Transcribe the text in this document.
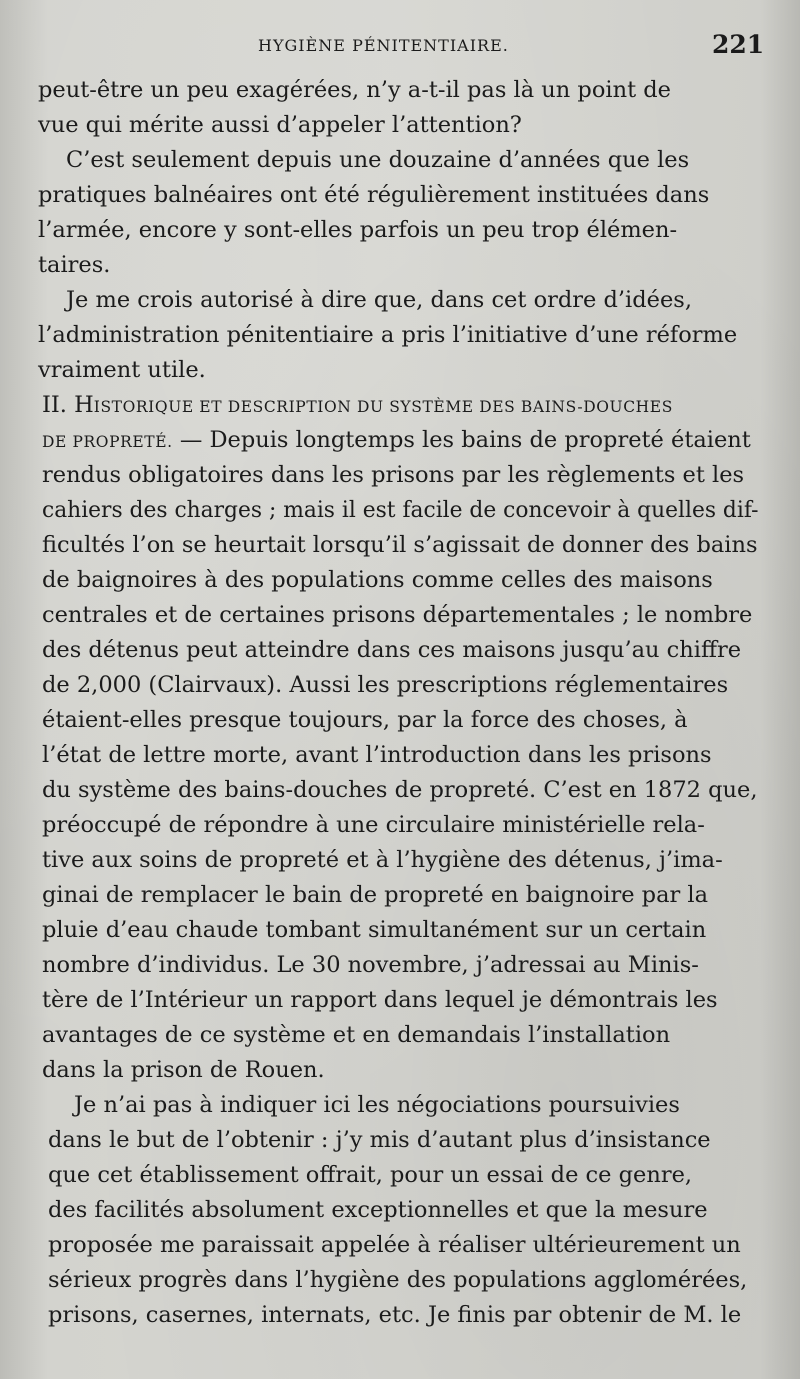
HYGIÈNE PÉNITENTIAIRE.	221
peut-être un peu exagérées, n’y a-t-il pas là un point de
vue qui mérite aussi d’appeler l’attention?
C’est seulement depuis une douzaine d’années que les
pratiques balnéaires ont été régulièrement instituées dans
l’armée, encore y sont-elles parfois un peu trop élémen-
taires.
Je me crois autorisé à dire que, dans cet ordre d’idées,
l’administration pénitentiaire a pris l’initiative d’une réforme
vraiment utile.
II. HISTORIQUE ET DESCRIPTION DU SYSTÈME DES BAINS-DOUCHES
DE PROPRETÉ. — Depuis longtemps les bains de propreté étaient
rendus obligatoires dans les prisons par les règlements et les
cahiers des charges ; mais il est facile de concevoir à quelles dif-
ficultés l’on se heurtait lorsqu’il s’agissait de donner des bains
de baignoires à des populations comme celles des maisons
centrales et de certaines prisons départementales ; le nombre
des détenus peut atteindre dans ces maisons jusqu’au chiffre
de 2,000 (Clairvaux). Aussi les prescriptions réglementaires
étaient-elles presque toujours, par la force des choses, à
l’état de lettre morte, avant l’introduction dans les prisons
du système des bains-douches de propreté. C’est en 1872 que,
préoccupé de répondre à une circulaire ministérielle rela-
tive aux soins de propreté et à l’hygiène des détenus, j’ima-
ginai de remplacer le bain de propreté en baignoire par la
pluie d’eau chaude tombant simultanément sur un certain
nombre d’individus. Le 30 novembre, j’adressai au Minis-
tère de l’Intérieur un rapport dans lequel je démontrais les
avantages de ce système et en demandais l’installation
dans la prison de Rouen.
Je n’ai pas à indiquer ici les négociations poursuivies
dans le but de l’obtenir : j’y mis d’autant plus d’insistance
que cet établissement offrait, pour un essai de ce genre,
des facilités absolument exceptionnelles et que la mesure
proposée me paraissait appelée à réaliser ultérieurement un
sérieux progrès dans l’hygiène des populations agglomérées,
prisons, casernes, internats, etc. Je finis par obtenir de M. le
